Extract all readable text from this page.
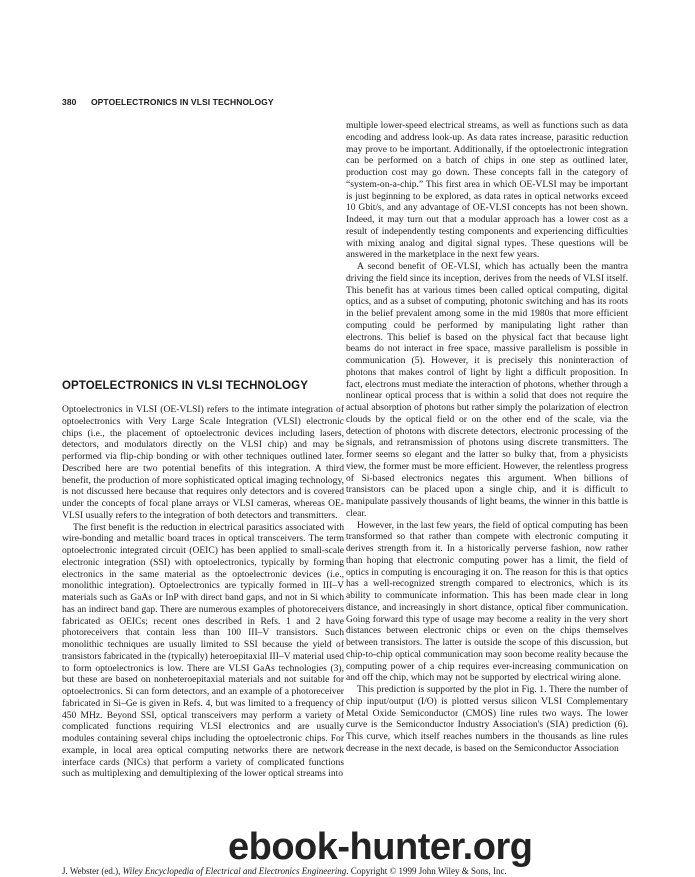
380 OPTOELECTRONICS IN VLSI TECHNOLOGY

multiple lower-speed electrical streams, as well as functions such as data encoding and address look-up. As data rates increase, parasitic reduction may prove to be important. Additionally, if the optoelectronic integration can be performed on a batch of chips in one step as outlined later, production cost may go down. These concepts fall in the category of “system-on-a-chip.” This first area in which OE-VLSI may be important is just beginning to be explored, as data rates in optical networks exceed 10 Gbit/s, and any advantage of OE-VLSI concepts has not been shown. Indeed, it may turn out that a modular approach has a lower cost as a result of independently testing components and experiencing difficulties with mixing analog and digital signal types. These questions will be answered in the marketplace in the next few years.

A second benefit of OE-VLSI, which has actually been the mantra driving the field since its inception, derives from the needs of VLSI itself. This benefit has at various times been called optical computing, digital optics, and as a subset of computing, photonic switching and has its roots in the belief prevalent among some in the mid 1980s that more efficient computing could be performed by manipulating light rather than electrons. This belief is based on the physical fact that because light beams do not interact in free space, massive parallelism is possible in communication (5). However, it is precisely this noninteraction of photons that makes control of light by light a difficult proposition. In fact, electrons must mediate the interaction of photons, whether through a nonlinear optical process that is within a solid that does not require the actual absorption of photons but rather simply the polarization of electron clouds by the optical field or on the other end of the scale, via the detection of photons with discrete detectors, electronic processing of the signals, and retransmission of photons using discrete transmitters. The former seems so elegant and the latter so bulky that, from a physicists view, the former must be more efficient. However, the relentless progress of Si-based electronics negates this argument. When billions of transistors can be placed upon a single chip, and it is difficult to manipulate passively thousands of light beams, the winner in this battle is clear.

However, in the last few years, the field of optical computing has been transformed so that rather than compete with electronic computing it derives strength from it. In a historically perverse fashion, now rather than hoping that electronic computing power has a limit, the field of optics in computing is encouraging it on. The reason for this is that optics has a well-recognized strength compared to electronics, which is its ability to communicate information. This has been made clear in long distance, and increasingly in short distance, optical fiber communication. Going forward this type of usage may become a reality in the very short distances between electronic chips or even on the chips themselves between transistors. The latter is outside the scope of this discussion, but chip-to-chip optical communication may soon become reality because the computing power of a chip requires ever-increasing communication on and off the chip, which may not be supported by electrical wiring alone.

This prediction is supported by the plot in Fig. 1. There the number of chip input/output (I/O) is plotted versus silicon VLSI Complementary Metal Oxide Semiconductor (CMOS) line rules two ways. The lower curve is the Semiconductor Industry Association's (SIA) prediction (6). This curve, which itself reaches numbers in the thousands as line rules decrease in the next decade, is based on the Semiconductor Association

OPTOELECTRONICS IN VLSI TECHNOLOGY

Optoelectronics in VLSI (OE-VLSI) refers to the intimate integration of optoelectronics with Very Large Scale Integration (VLSI) electronic chips (i.e., the placement of optoelectronic devices including lasers, detectors, and modulators directly on the VLSI chip) and may be performed via flip-chip bonding or with other techniques outlined later. Described here are two potential benefits of this integration. A third benefit, the production of more sophisticated optical imaging technology, is not discussed here because that requires only detectors and is covered under the concepts of focal plane arrays or VLSI cameras, whereas OE-VLSI usually refers to the integration of both detectors and transmitters.

The first benefit is the reduction in electrical parasitics associated with wire-bonding and metallic board traces in optical transceivers. The term optoelectronic integrated circuit (OEIC) has been applied to small-scale electronic integration (SSI) with optoelectronics, typically by forming electronics in the same material as the optoelectronic devices (i.e., monolithic integration). Optoelectronics are typically formed in III–V materials such as GaAs or InP with direct band gaps, and not in Si which has an indirect band gap. There are numerous examples of photoreceivers fabricated as OEICs; recent ones described in Refs. 1 and 2 have photoreceivers that contain less than 100 III–V transistors. Such monolithic techniques are usually limited to SSI because the yield of transistors fabricated in the (typically) heteroepitaxial III–V material used to form optoelectronics is low. There are VLSI GaAs technologies (3), but these are based on nonheteroepitaxial materials and not suitable for optoelectronics. Si can form detectors, and an example of a photoreceiver fabricated in Si–Ge is given in Refs. 4, but was limited to a frequency of 450 MHz. Beyond SSI, optical transceivers may perform a variety of complicated functions requiring VLSI electronics and are usually modules containing several chips including the optoelectronic chips. For example, in local area optical computing networks there are network interface cards (NICs) that perform a variety of complicated functions such as multiplexing and demultiplexing of the lower optical streams into

J. Webster (ed.), Wiley Encyclopedia of Electrical and Electronics Engineering. Copyright © 1999 John Wiley & Sons, Inc.
ebook-hunter.org
